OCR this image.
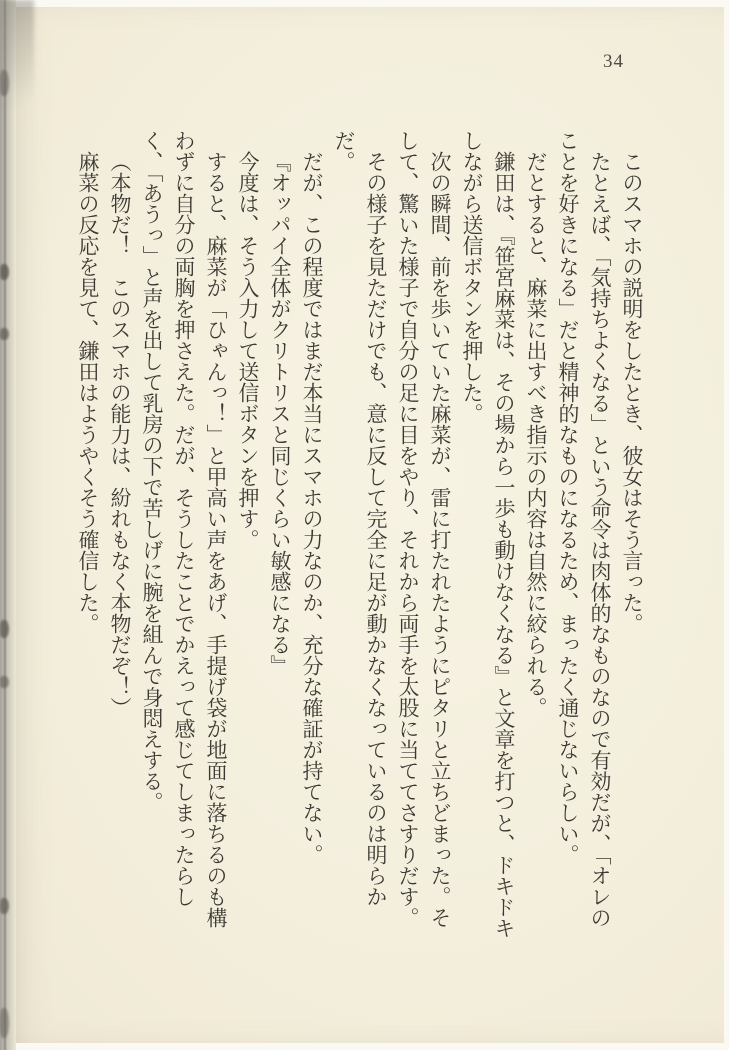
34

このスマホの説明をしたとき、彼女はそう言った。

たとえば、「気持ちよくなる」という命令は肉体的なものなので有効だが、「オレのことを好きになる」だと精神的なものになるため、まったく通じないらしい。

だとすると、麻菜に出すべき指示の内容は自然に絞られる。

鎌田は、『笹宮麻菜は、その場から一歩も動けなくなる』と文章を打つと、ドキドキしながら送信ボタンを押した。

次の瞬間、前を歩いていた麻菜が、雷に打たれたようにピタリと立ちどまった。そして、驚いた様子で自分の足に目をやり、それから両手を太股に当ててさすりだす。

その様子を見ただけでも、意に反して完全に足が動かなくなっているのは明らかだ。

だが、この程度ではまだ本当にスマホの力なのか、充分な確証が持てない。

『オッパイ全体がクリトリスと同じくらい敏感になる』

今度は、そう入力して送信ボタンを押す。

すると、麻菜が「ひゃんっ！」と甲高い声をあげ、手提げ袋が地面に落ちるのも構わずに自分の両胸を押さえた。だが、そうしたことでかえって感じてしまったらしく、「あうっ」と声を出して乳房の下で苦しげに腕を組んで身悶えする。

（本物だ！　このスマホの能力は、紛れもなく本物だぞ！）

麻菜の反応を見て、鎌田はようやくそう確信した。
